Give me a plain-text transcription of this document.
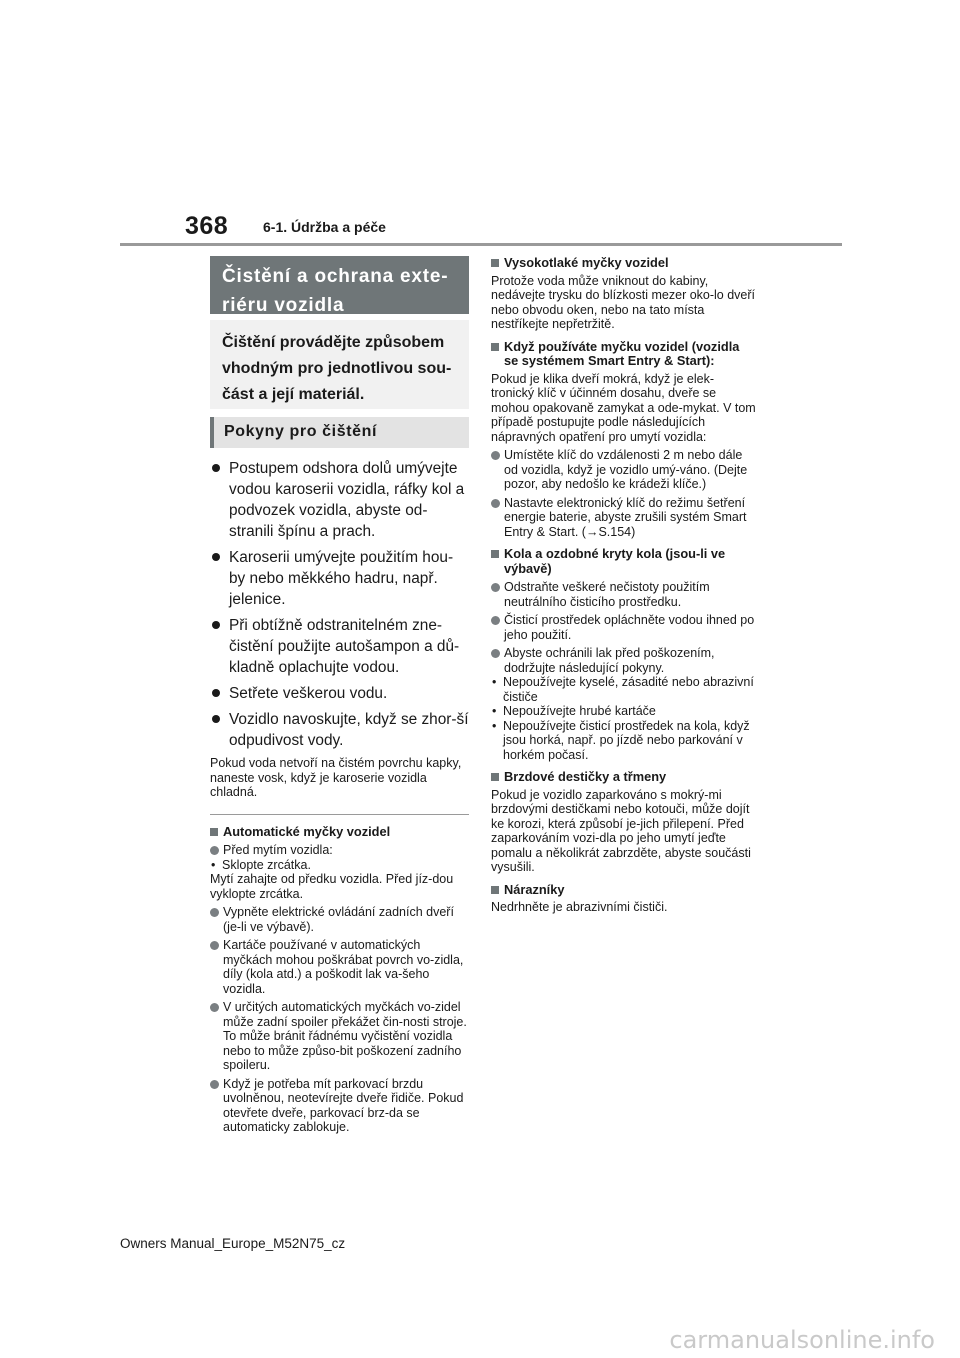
368 6-1. Údržba a péče
Čistění a ochrana exte-riéru vozidla
Čištění provádějte způsobem vhodným pro jednotlivou sou-část a její materiál.
Pokyny pro čištění
Postupem odshora dolů umývejte vodou karoserii vozidla, ráfky kol a podvozek vozidla, abyste od-stranili špínu a prach.
Karoserii umývejte použitím hou-by nebo měkkého hadru, např. jelenice.
Při obtížně odstranitelném zne-čistění použijte autošampon a dů-kladně oplachujte vodou.
Setřete veškerou vodu.
Vozidlo navoskujte, když se zhor-ší odpudivost vody.
Pokud voda netvoří na čistém povrchu kapky, naneste vosk, když je karoserie vozidla chladná.
Automatické myčky vozidel
Před mytím vozidla:
• Sklopte zrcátka.
Mytí zahajte od předku vozidla. Před jíz-dou vyklopte zrcátka.
Vypněte elektrické ovládání zadních dveří (je-li ve výbavě).
Kartáče používané v automatických myčkách mohou poškrábat povrch vo-zidla, díly (kola atd.) a poškodit lak va-šeho vozidla.
V určitých automatických myčkách vo-zidel může zadní spoiler překážet čin-nosti stroje. To může bránit řádnému vyčistění vozidla nebo to může způso-bit poškození zadního spoileru.
Když je potřeba mít parkovací brzdu uvolněnou, neotevírejte dveře řidiče. Pokud otevřete dveře, parkovací brz-da se automaticky zablokuje.
Vysokotlaké myčky vozidel
Protože voda může vniknout do kabiny, nedávejte trysku do blízkosti mezer oko-lo dveří nebo obvodu oken, nebo na tato místa nestříkejte nepřetržitě.
Když používáte myčku vozidel (vozidla se systémem Smart Entry & Start):
Pokud je klika dveří mokrá, když je elek-tronický klíč v účinném dosahu, dveře se mohou opakovaně zamykat a ode-mykat. V tom případě postupujte podle následujících nápravných opatření pro umytí vozidla:
Umístěte klíč do vzdálenosti 2 m nebo dále od vozidla, když je vozidlo umý-váno. (Dejte pozor, aby nedošlo ke krádeži klíče.)
Nastavte elektronický klíč do režimu šetření energie baterie, abyste zrušili systém Smart Entry & Start. (→S.154)
Kola a ozdobné kryty kola (jsou-li ve výbavě)
Odstraňte veškeré nečistoty použitím neutrálního čisticího prostředku.
Čisticí prostředek opláchněte vodou ihned po jeho použití.
Abyste ochránili lak před poškozením, dodržujte následující pokyny.
• Nepoužívejte kyselé, zásadité nebo abrazivní čističe
• Nepoužívejte hrubé kartáče
• Nepoužívejte čisticí prostředek na kola, když jsou horká, např. po jízdě nebo parkování v horkém počasí.
Brzdové destičky a třmeny
Pokud je vozidlo zaparkováno s mokrý-mi brzdovými destičkami nebo kotouči, může dojít ke korozi, která způsobí je-jich přilepení. Před zaparkováním vozi-dla po jeho umytí jeďte pomalu a několikrát zabrzděte, abyste součásti vysušili.
Nárazníky
Nedrhněte je abrazivními čističi.
Owners Manual_Europe_M52N75_cz
carmanualsonline.info
